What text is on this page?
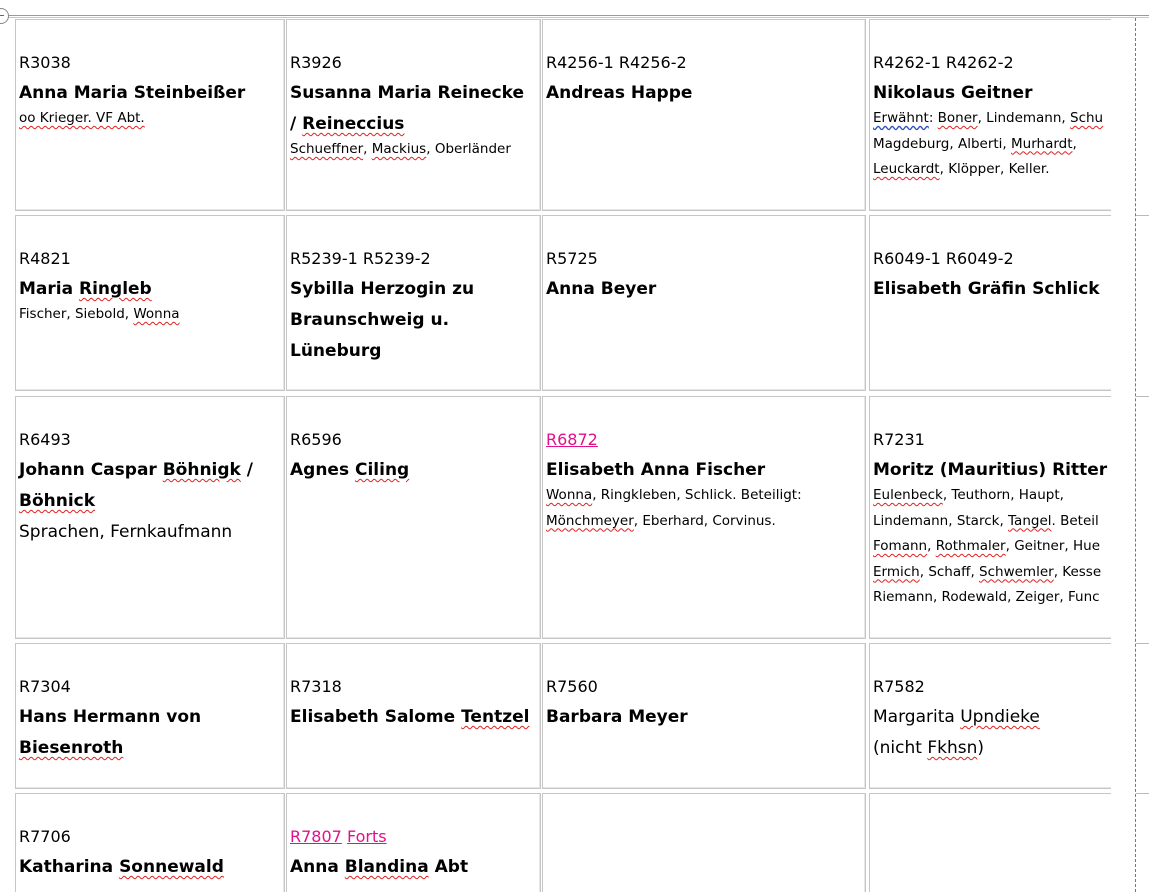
R3038
Anna Maria Steinbeißer
oo Krieger. VF Abt.
R3926
Susanna Maria Reinecke
/ Reineccius
Schueffner, Mackius, Oberländer
R4256-1 R4256-2
Andreas Happe
R4262-1 R4262-2
Nikolaus Geitner
Erwähnt: Boner, Lindemann, Schu
Magdeburg, Alberti, Murhardt,
Leuckardt, Klöpper, Keller.
R4821
Maria Ringleb
Fischer, Siebold, Wonna
R5239-1 R5239-2
Sybilla Herzogin zu Braunschweig u. Lüneburg
R5725
Anna Beyer
R6049-1 R6049-2
Elisabeth Gräfin Schlick
R6493
Johann Caspar Böhnigk /
Böhnick
Sprachen, Fernkaufmann
R6596
Agnes Ciling
R6872
Elisabeth Anna Fischer
Wonna, Ringkleben, Schlick. Beteiligt:
Mönchmeyer, Eberhard, Corvinus.
R7231
Moritz (Mauritius) Ritter
Eulenbeck, Teuthorn, Haupt,
Lindemann, Starck, Tangel. Beteil
Fomann, Rothmaler, Geitner, Hue
Ermich, Schaff, Schwemler, Kesse
Riemann, Rodewald, Zeiger, Func
R7304
Hans Hermann von
Biesenroth
R7318
Elisabeth Salome Tentzel
R7560
Barbara Meyer
R7582
Margarita Upndieke
(nicht Fkhsn)
R7706
Katharina Sonnewald
R7807 Forts
Anna Blandina Abt
